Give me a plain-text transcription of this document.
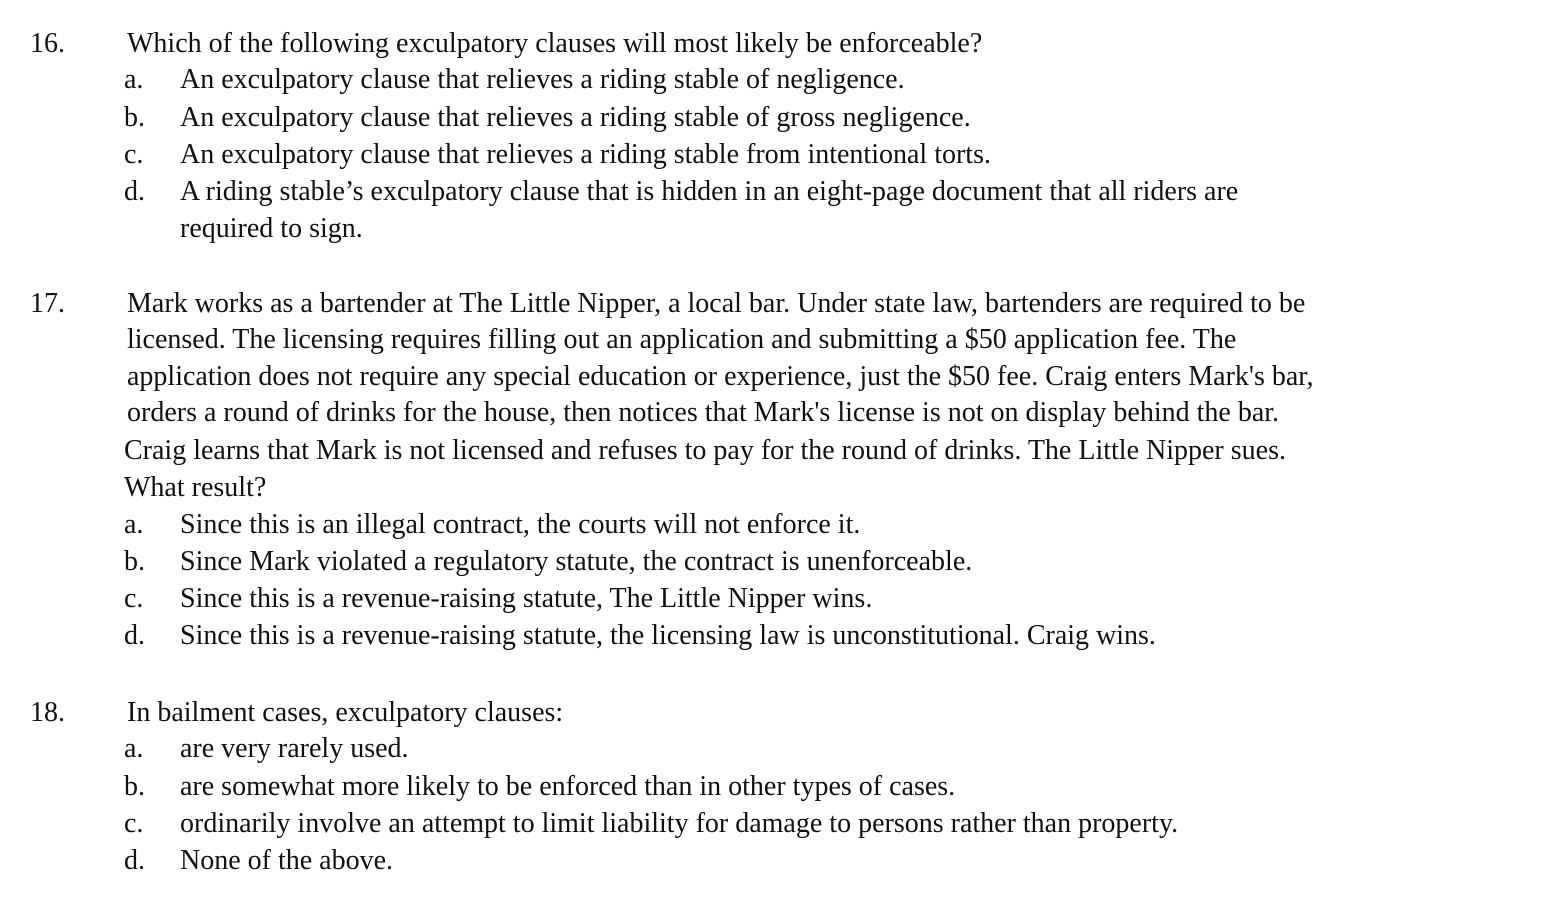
16. Which of the following exculpatory clauses will most likely be enforceable?
a. An exculpatory clause that relieves a riding stable of negligence.
b. An exculpatory clause that relieves a riding stable of gross negligence.
c. An exculpatory clause that relieves a riding stable from intentional torts.
d. A riding stable’s exculpatory clause that is hidden in an eight-page document that all riders are
required to sign.
17. Mark works as a bartender at The Little Nipper, a local bar. Under state law, bartenders are required to be
licensed. The licensing requires filling out an application and submitting a $50 application fee. The
application does not require any special education or experience, just the $50 fee. Craig enters Mark's bar,
orders a round of drinks for the house, then notices that Mark's license is not on display behind the bar.
Craig learns that Mark is not licensed and refuses to pay for the round of drinks. The Little Nipper sues.
What result?
a. Since this is an illegal contract, the courts will not enforce it.
b. Since Mark violated a regulatory statute, the contract is unenforceable.
c. Since this is a revenue-raising statute, The Little Nipper wins.
d. Since this is a revenue-raising statute, the licensing law is unconstitutional. Craig wins.
18. In bailment cases, exculpatory clauses:
a. are very rarely used.
b. are somewhat more likely to be enforced than in other types of cases.
c. ordinarily involve an attempt to limit liability for damage to persons rather than property.
d. None of the above.
